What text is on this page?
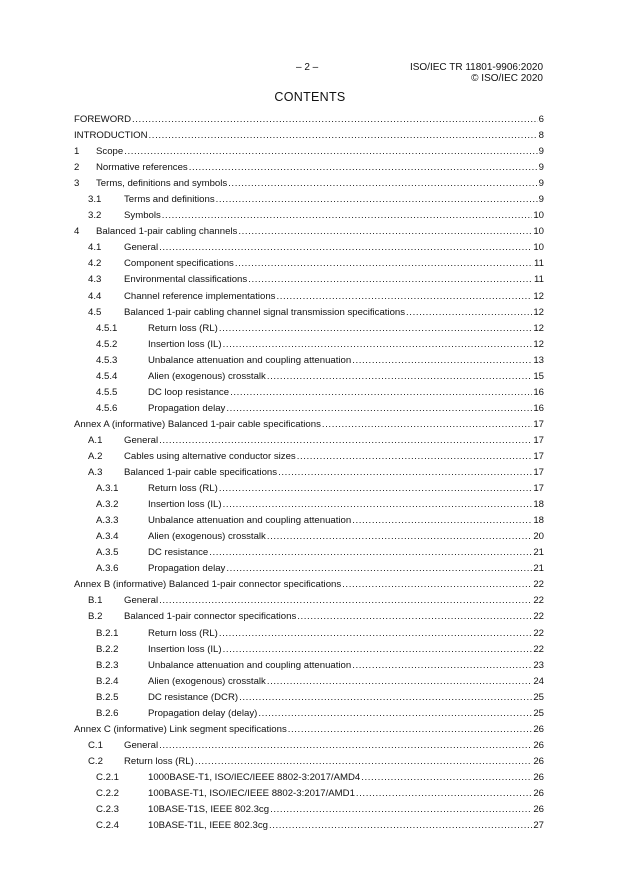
– 2 –	ISO/IEC TR 11801-9906:2020
© ISO/IEC 2020
CONTENTS
FOREWORD .....	6
INTRODUCTION .....	8
1 Scope .....	9
2 Normative references .....	9
3 Terms, definitions and symbols .....	9
3.1 Terms and definitions .....	9
3.2 Symbols .....	10
4 Balanced 1-pair cabling channels .....	10
4.1 General .....	10
4.2 Component specifications .....	11
4.3 Environmental classifications .....	11
4.4 Channel reference implementations .....	12
4.5 Balanced 1-pair cabling channel signal transmission specifications .....	12
4.5.1	Return loss (RL) .....	12
4.5.2	Insertion loss (IL) .....	12
4.5.3	Unbalance attenuation and coupling attenuation .....	13
4.5.4	Alien (exogenous) crosstalk .....	15
4.5.5	DC loop resistance .....	16
4.5.6	Propagation delay .....	16
Annex A (informative) Balanced 1-pair cable specifications .....	17
A.1 General .....	17
A.2 Cables using alternative conductor sizes .....	17
A.3 Balanced 1-pair cable specifications .....	17
A.3.1	Return loss (RL) .....	17
A.3.2	Insertion loss (IL) .....	18
A.3.3	Unbalance attenuation and coupling attenuation .....	18
A.3.4	Alien (exogenous) crosstalk .....	20
A.3.5	DC resistance .....	21
A.3.6	Propagation delay .....	21
Annex B (informative) Balanced 1-pair connector specifications .....	22
B.1 General .....	22
B.2 Balanced 1-pair connector specifications .....	22
B.2.1	Return loss (RL) .....	22
B.2.2	Insertion loss (IL) .....	22
B.2.3	Unbalance attenuation and coupling attenuation .....	23
B.2.4	Alien (exogenous) crosstalk .....	24
B.2.5	DC resistance (DCR) .....	25
B.2.6	Propagation delay (delay) .....	25
Annex C (informative) Link segment specifications .....	26
C.1 General .....	26
C.2 Return loss (RL) .....	26
C.2.1	1000BASE-T1, ISO/IEC/IEEE 8802-3:2017/AMD4 .....	26
C.2.2	100BASE-T1, ISO/IEC/IEEE 8802-3:2017/AMD1 .....	26
C.2.3	10BASE-T1S, IEEE 802.3cg .....	26
C.2.4	10BASE-T1L, IEEE 802.3cg .....	27
